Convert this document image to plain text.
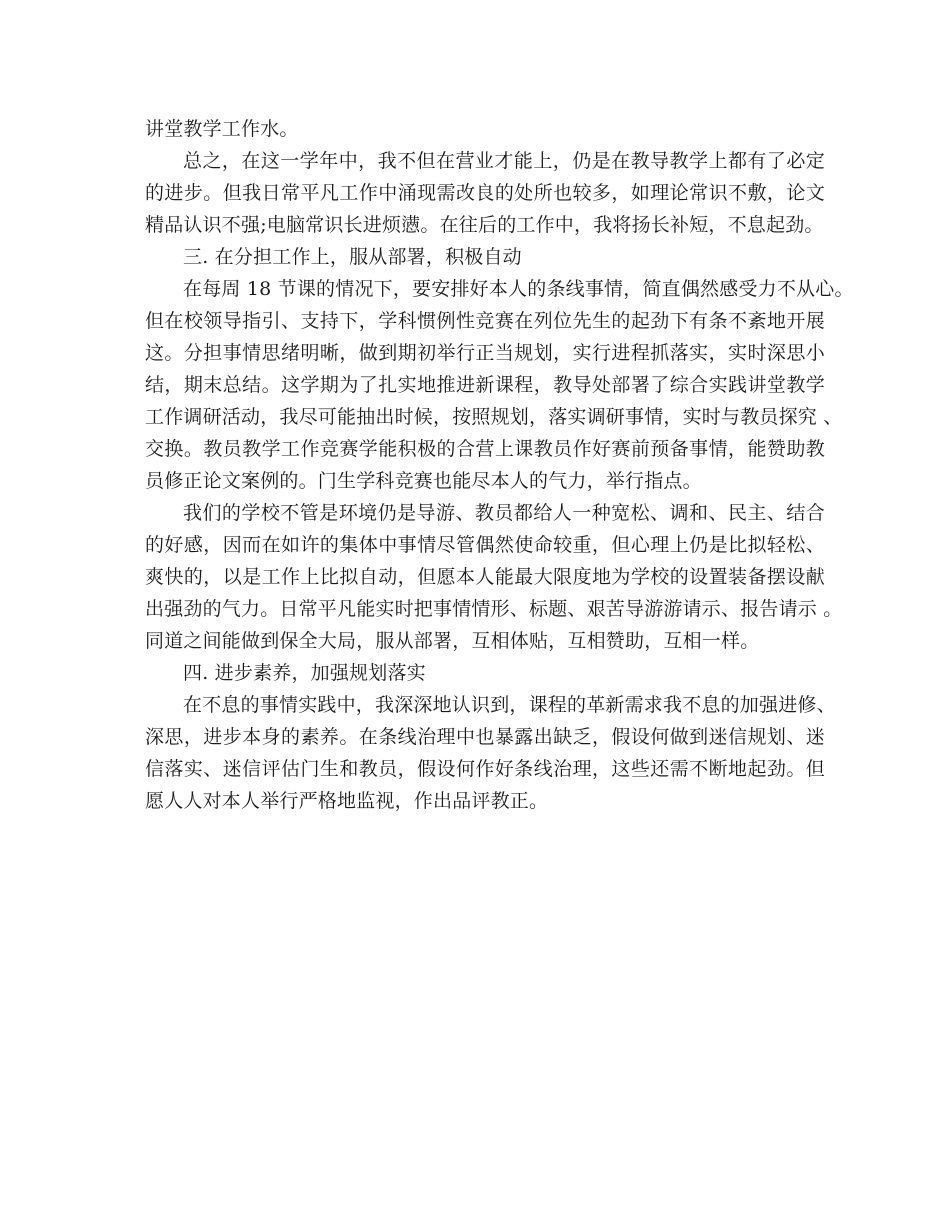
讲堂教学工作水。
总之，在这一学年中，我不但在营业才能上，仍是在教导教学上都有了必定
的进步。但我日常平凡工作中涌现需改良的处所也较多，如理论常识不敷，论文
精品认识不强;电脑常识长进烦懑。在往后的工作中，我将扬长补短，不息起劲。
三. 在分担工作上，服从部署，积极自动
在每周 18 节课的情况下，要安排好本人的条线事情，简直偶然感受力不从心。
但在校领导指引、支持下，学科惯例性竞赛在列位先生的起劲下有条不紊地开展
这。分担事情思绪明晰，做到期初举行正当规划，实行进程抓落实，实时深思小
结，期末总结。这学期为了扎实地推进新课程，教导处部署了综合实践讲堂教学
工作调研活动，我尽可能抽出时候，按照规划，落实调研事情，实时与教员探究 、
交换。教员教学工作竞赛学能积极的合营上课教员作好赛前预备事情，能赞助教
员修正论文案例的。门生学科竞赛也能尽本人的气力，举行指点。
我们的学校不管是环境仍是导游、教员都给人一种宽松、调和、民主、结合
的好感，因而在如许的集体中事情尽管偶然使命较重，但心理上仍是比拟轻松、
爽快的，以是工作上比拟自动，但愿本人能最大限度地为学校的设置装备摆设献
出强劲的气力。日常平凡能实时把事情情形、标题、艰苦导游游请示、报告请示 。
同道之间能做到保全大局，服从部署，互相体贴，互相赞助，互相一样。
四. 进步素养，加强规划落实
在不息的事情实践中，我深深地认识到，课程的革新需求我不息的加强进修、
深思，进步本身的素养。在条线治理中也暴露出缺乏，假设何做到迷信规划、迷
信落实、迷信评估门生和教员，假设何作好条线治理，这些还需不断地起劲。但
愿人人对本人举行严格地监视，作出品评教正。
